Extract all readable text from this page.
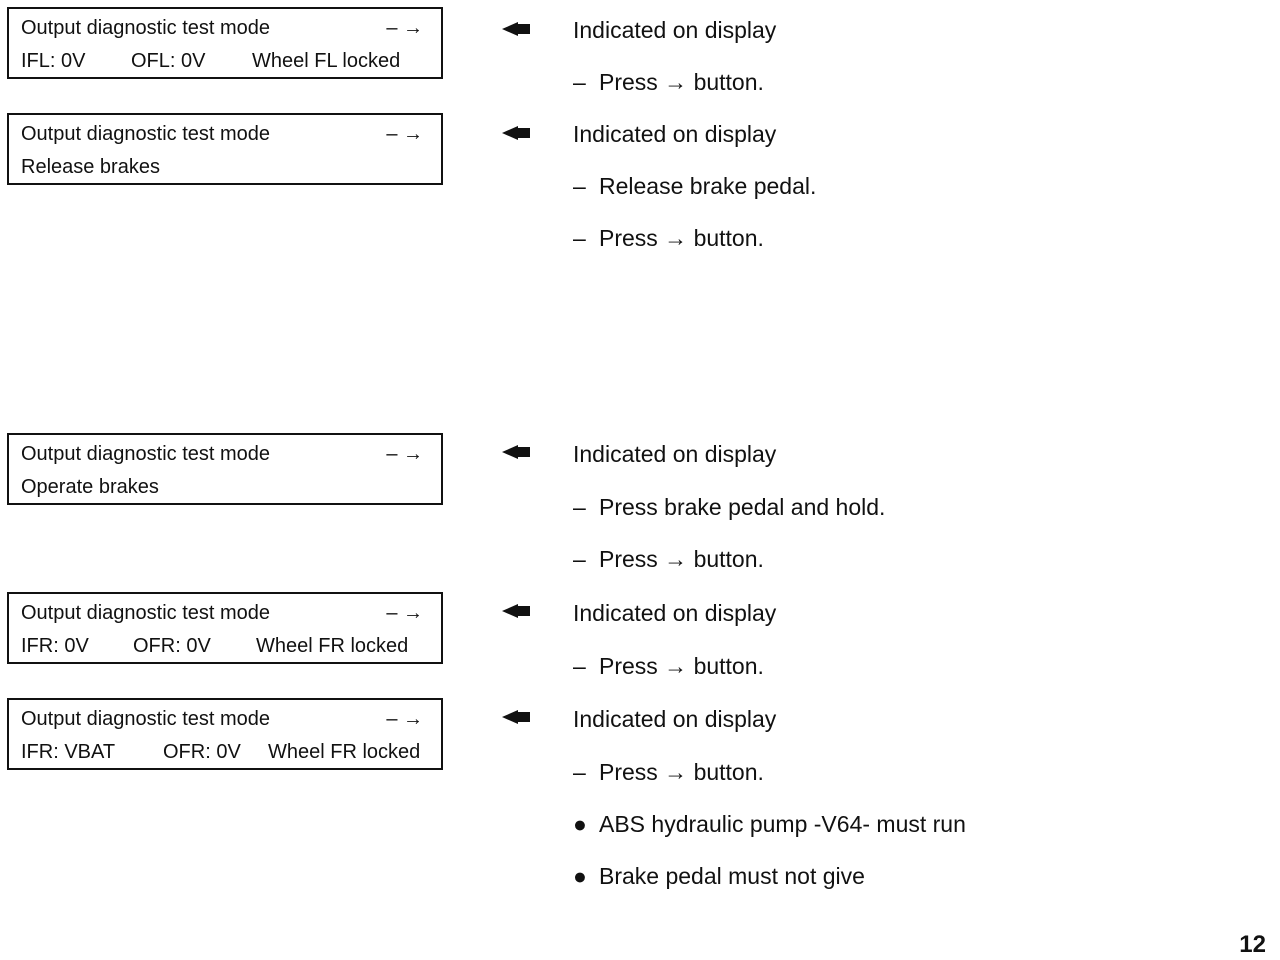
Output diagnostic test mode	– →
IFL: 0V OFL: 0V Wheel FL locked
Output diagnostic test mode	– →
Release brakes
Output diagnostic test mode	– →
Operate brakes
Output diagnostic test mode	– →
IFR: 0V OFR: 0V Wheel FR locked
Output diagnostic test mode	– →
IFR: VBAT OFR: 0V Wheel FR locked
Indicated on display
– Press → button.
Indicated on display
– Release brake pedal.
– Press → button.
Indicated on display
– Press brake pedal and hold.
– Press → button.
Indicated on display
– Press → button.
Indicated on display
– Press → button.
● ABS hydraulic pump -V64- must run
● Brake pedal must not give
12
